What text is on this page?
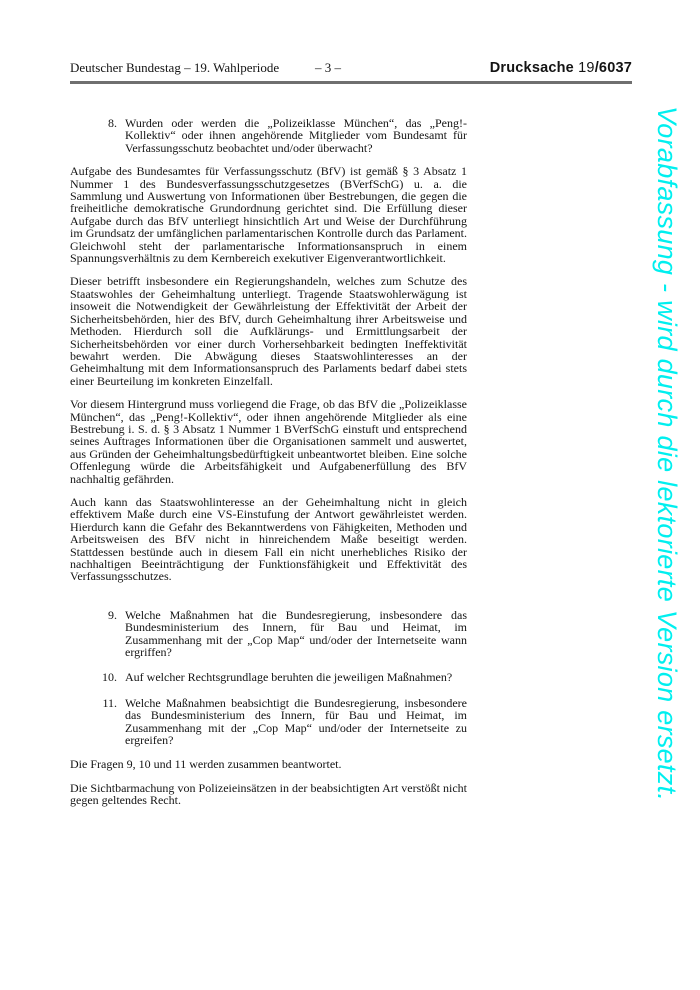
Deutscher Bundestag – 19. Wahlperiode	– 3 –	Drucksache 19/6037
8. Wurden oder werden die „Polizeiklasse München“, das „Peng!-Kollektiv“ oder ihnen angehörende Mitglieder vom Bundesamt für Verfassungsschutz beobachtet und/oder überwacht?

Aufgabe des Bundesamtes für Verfassungsschutz (BfV) ist gemäß § 3 Absatz 1 Nummer 1 des Bundesverfassungsschutzgesetzes (BVerfSchG) u. a. die Sammlung und Auswertung von Informationen über Bestrebungen, die gegen die freiheitliche demokratische Grundordnung gerichtet sind. Die Erfüllung dieser Aufgabe durch das BfV unterliegt hinsichtlich Art und Weise der Durchführung im Grundsatz der umfänglichen parlamentarischen Kontrolle durch das Parlament. Gleichwohl steht der parlamentarische Informationsanspruch in einem Spannungsverhältnis zu dem Kernbereich exekutiver Eigenverantwortlichkeit.

Dieser betrifft insbesondere ein Regierungshandeln, welches zum Schutze des Staatswohles der Geheimhaltung unterliegt. Tragende Staatswohlerwägung ist insoweit die Notwendigkeit der Gewährleistung der Effektivität der Arbeit der Sicherheitsbehörden, hier des BfV, durch Geheimhaltung ihrer Arbeitsweise und Methoden. Hierdurch soll die Aufklärungs- und Ermittlungsarbeit der Sicherheitsbehörden vor einer durch Vorhersehbarkeit bedingten Ineffektivität bewahrt werden. Die Abwägung dieses Staatswohlinteresses an der Geheimhaltung mit dem Informationsanspruch des Parlaments bedarf dabei stets einer Beurteilung im konkreten Einzelfall.

Vor diesem Hintergrund muss vorliegend die Frage, ob das BfV die „Polizeiklasse München“, das „Peng!-Kollektiv“, oder ihnen angehörende Mitglieder als eine Bestrebung i. S. d. § 3 Absatz 1 Nummer 1 BVerfSchG einstuft und entsprechend seines Auftrages Informationen über die Organisationen sammelt und auswertet, aus Gründen der Geheimhaltungsbedürftigkeit unbeantwortet bleiben. Eine solche Offenlegung würde die Arbeitsfähigkeit und Aufgabenerfüllung des BfV nachhaltig gefährden.

Auch kann das Staatswohlinteresse an der Geheimhaltung nicht in gleich effektivem Maße durch eine VS-Einstufung der Antwort gewährleistet werden. Hierdurch kann die Gefahr des Bekanntwerdens von Fähigkeiten, Methoden und Arbeitsweisen des BfV nicht in hinreichendem Maße beseitigt werden. Stattdessen bestünde auch in diesem Fall ein nicht unerhebliches Risiko der nachhaltigen Beeinträchtigung der Funktionsfähigkeit und Effektivität des Verfassungsschutzes.

9. Welche Maßnahmen hat die Bundesregierung, insbesondere das Bundesministerium des Innern, für Bau und Heimat, im Zusammenhang mit der „Cop Map“ und/oder der Internetseite wann ergriffen?
10. Auf welcher Rechtsgrundlage beruhten die jeweiligen Maßnahmen?
11. Welche Maßnahmen beabsichtigt die Bundesregierung, insbesondere das Bundesministerium des Innern, für Bau und Heimat, im Zusammenhang mit der „Cop Map“ und/oder der Internetseite zu ergreifen?

Die Fragen 9, 10 und 11 werden zusammen beantwortet.

Die Sichtbarmachung von Polizeieinsätzen in der beabsichtigten Art verstößt nicht gegen geltendes Recht.	Vorabfassung - wird durch die lektorierte Version ersetzt.
